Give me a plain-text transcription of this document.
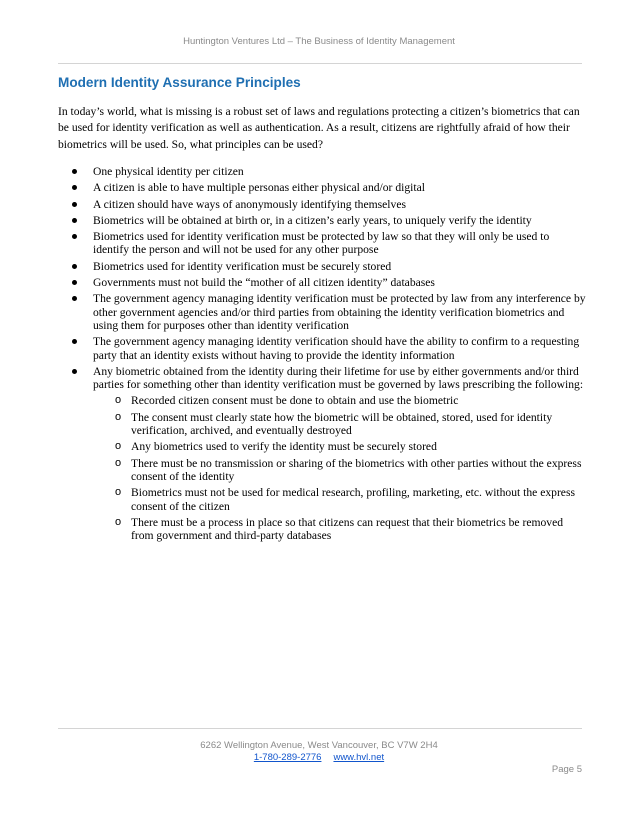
Huntington Ventures Ltd – The Business of Identity Management
Modern Identity Assurance Principles

In today’s world, what is missing is a robust set of laws and regulations protecting a citizen’s biometrics that can be used for identity verification as well as authentication. As a result, citizens are rightfully afraid of how their biometrics will be used. So, what principles can be used?

One physical identity per citizen
A citizen is able to have multiple personas either physical and/or digital
A citizen should have ways of anonymously identifying themselves
Biometrics will be obtained at birth or, in a citizen’s early years, to uniquely verify the identity
Biometrics used for identity verification must be protected by law so that they will only be used to identify the person and will not be used for any other purpose
Biometrics used for identity verification must be securely stored
Governments must not build the “mother of all citizen identity” databases
The government agency managing identity verification must be protected by law from any interference by other government agencies and/or third parties from obtaining the identity verification biometrics and using them for purposes other than identity verification
The government agency managing identity verification should have the ability to confirm to a requesting party that an identity exists without having to provide the identity information
Any biometric obtained from the identity during their lifetime for use by either governments and/or third parties for something other than identity verification must be governed by laws prescribing the following:
o Recorded citizen consent must be done to obtain and use the biometric
o The consent must clearly state how the biometric will be obtained, stored, used for identity verification, archived, and eventually destroyed
o Any biometrics used to verify the identity must be securely stored
o There must be no transmission or sharing of the biometrics with other parties without the express consent of the identity
o Biometrics must not be used for medical research, profiling, marketing, etc. without the express consent of the citizen
o There must be a process in place so that citizens can request that their biometrics be removed from government and third-party databases
6262 Wellington Avenue, West Vancouver, BC V7W 2H4
1-780-289-2776 www.hvl.net
Page 5
